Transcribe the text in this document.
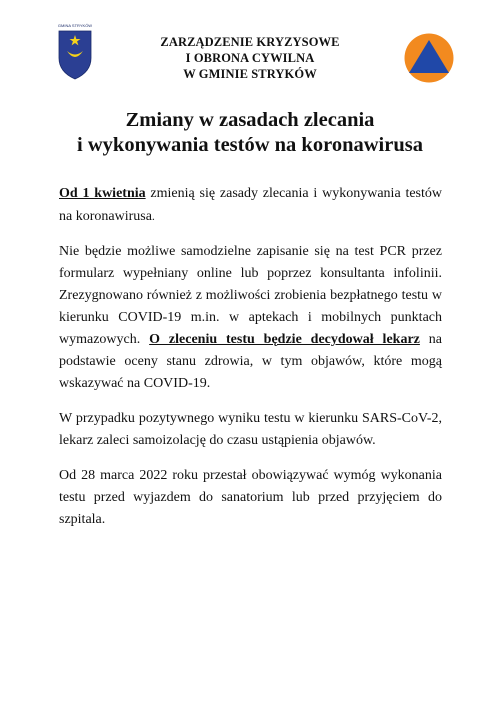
GMINA STRYKÓW
ZARZĄDZENIE KRYZYSOWE
I OBRONA CYWILNA
W GMINIE STRYKÓW
Zmiany w zasadach zlecania
i wykonywania testów na koronawirusa

Od 1 kwietnia zmienią się zasady zlecania i wykonywania testów na koronawirusa.

Nie będzie możliwe samodzielne zapisanie się na test PCR przez formularz wypełniany online lub poprzez konsultanta infolinii. Zrezygnowano również z możliwości zrobienia bezpłatnego testu w kierunku COVID-19 m.in. w aptekach i mobilnych punktach wymazowych. O zleceniu testu będzie decydował lekarz na podstawie oceny stanu zdrowia, w tym objawów, które mogą wskazywać na COVID-19.

W przypadku pozytywnego wyniku testu w kierunku SARS-CoV-2, lekarz zaleci samoizolację do czasu ustąpienia objawów.

Od 28 marca 2022 roku przestał obowiązywać wymóg wykonania testu przed wyjazdem do sanatorium lub przed przyjęciem do szpitala.
